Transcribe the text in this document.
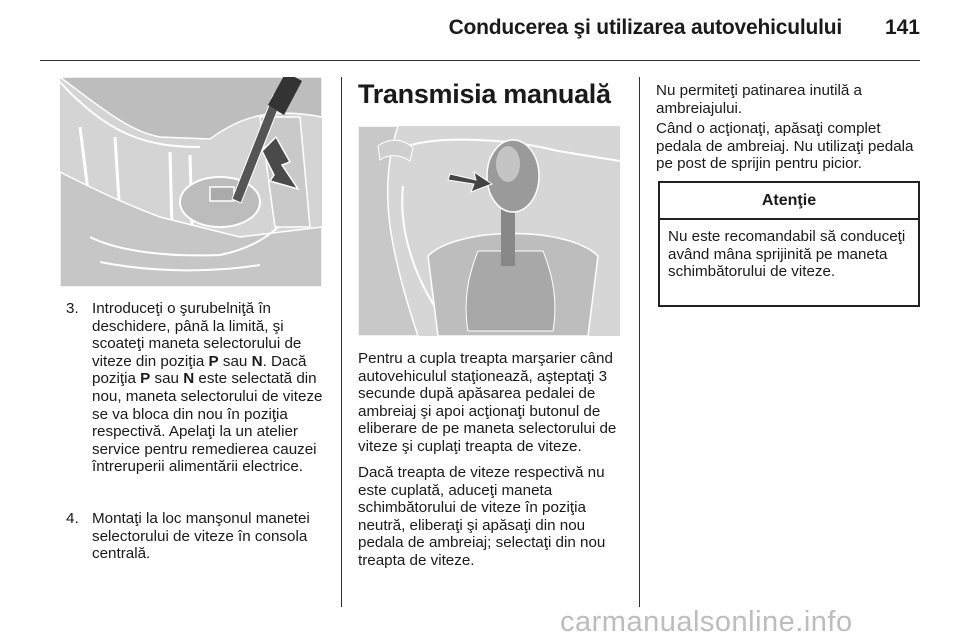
Conducerea şi utilizarea autovehiculului 141
3. Introduceţi o şurubelniţă în deschidere, până la limită, şi scoateţi maneta selectorului de viteze din poziţia P sau N. Dacă poziţia P sau N este selectată din nou, maneta selectorului de viteze se va bloca din nou în poziţia respectivă. Apelaţi la un atelier service pentru remedierea cauzei întreruperii alimentării electrice.
4. Montaţi la loc manşonul manetei selectorului de viteze în consola centrală.
Transmisia manuală

Pentru a cupla treapta marşarier când autovehiculul staţionează, aşteptaţi 3 secunde după apăsarea pedalei de ambreiaj şi apoi acţionaţi butonul de eliberare de pe maneta selectorului de viteze şi cuplaţi treapta de viteze.

Dacă treapta de viteze respectivă nu este cuplată, aduceţi maneta schimbătorului de viteze în poziţia neutră, eliberaţi şi apăsaţi din nou pedala de ambreiaj; selectaţi din nou treapta de viteze.

Nu permiteţi patinarea inutilă a ambreiajului.

Când o acţionaţi, apăsaţi complet pedala de ambreiaj. Nu utilizaţi pedala pe post de sprijin pentru picior.

Atenţie
Nu este recomandabil să conduceţi având mâna sprijinită pe maneta schimbătorului de viteze.
carmanualsonline.info
